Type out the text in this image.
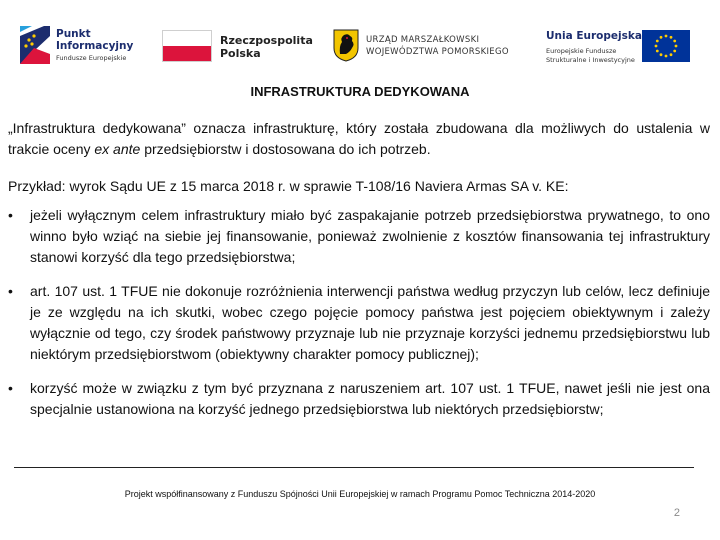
Punkt
Informacyjny
Fundusze Europejskie
Rzeczpospolita
Polska
URZĄD MARSZAŁKOWSKI
WOJEWÓDZTWA POMORSKIEGO
Unia Europejska
Europejskie Fundusze
Strukturalne i Inwestycyjne
INFRASTRUKTURA DEDYKOWANA

„Infrastruktura dedykowana” oznacza infrastrukturę, który została zbudowana dla możliwych do ustalenia w trakcie oceny ex ante przedsiębiorstw i dostosowana do ich potrzeb.

Przykład: wyrok Sądu UE z 15 marca 2018 r. w sprawie T-108/16 Naviera Armas SA v. KE:

• jeżeli wyłącznym celem infrastruktury miało być zaspakajanie potrzeb przedsiębiorstwa prywatnego, to ono winno było wziąć na siebie jej finansowanie, ponieważ zwolnienie z kosztów finansowania tej infrastruktury stanowi korzyść dla tego przedsiębiorstwa;
• art. 107 ust. 1 TFUE nie dokonuje rozróżnienia interwencji państwa według przyczyn lub celów, lecz definiuje je ze względu na ich skutki, wobec czego pojęcie pomocy państwa jest pojęciem obiektywnym i zależy wyłącznie od tego, czy środek państwowy przyznaje lub nie przyznaje korzyści jednemu przedsiębiorstwu lub niektórym przedsiębiorstwom (obiektywny charakter pomocy publicznej);
• korzyść może w związku z tym być przyznana z naruszeniem art. 107 ust. 1 TFUE, nawet jeśli nie jest ona specjalnie ustanowiona na korzyść jednego przedsiębiorstwa lub niektórych przedsiębiorstw;
Projekt współfinansowany z Funduszu Spójności Unii Europejskiej w ramach Programu Pomoc Techniczna 2014-2020
2
